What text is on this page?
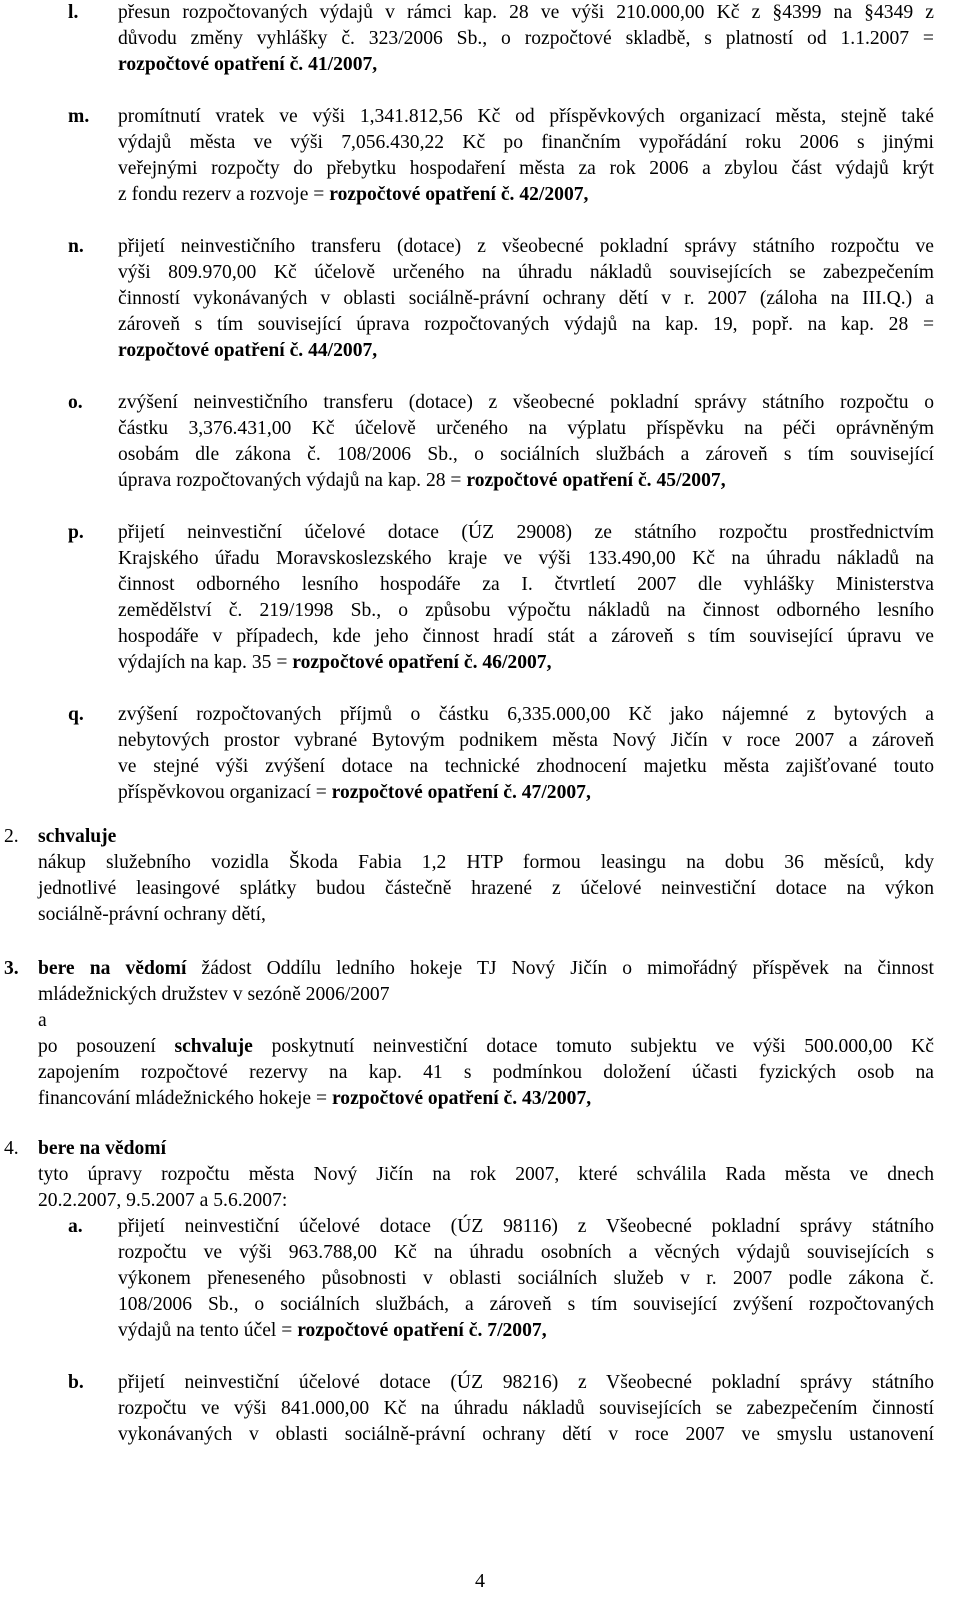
l. přesun rozpočtovaných výdajů v rámci kap. 28 ve výši 210.000,00 Kč z §4399 na §4349 z

důvodu změny vyhlášky č. 323/2006 Sb., o rozpočtové skladbě, s platností od 1.1.2007 =

rozpočtové opatření č. 41/2007,

m. promítnutí vratek ve výši 1,341.812,56 Kč od příspěvkových organizací města, stejně také

výdajů města ve výši 7,056.430,22 Kč po finančním vypořádání roku 2006 s jinými

veřejnými rozpočty do přebytku hospodaření města za rok 2006 a zbylou část výdajů krýt

z fondu rezerv a rozvoje = rozpočtové opatření č. 42/2007,

n. přijetí neinvestičního transferu (dotace) z všeobecné pokladní správy státního rozpočtu ve

výši 809.970,00 Kč účelově určeného na úhradu nákladů souvisejících se zabezpečením

činností vykonávaných v oblasti sociálně-právní ochrany dětí v r. 2007 (záloha na III.Q.) a

zároveň s tím související úprava rozpočtovaných výdajů na kap. 19, popř. na kap. 28 =

rozpočtové opatření č. 44/2007,

o. zvýšení neinvestičního transferu (dotace) z všeobecné pokladní správy státního rozpočtu o

částku 3,376.431,00 Kč účelově určeného na výplatu příspěvku na péči oprávněným

osobám dle zákona č. 108/2006 Sb., o sociálních službách a zároveň s tím související

úprava rozpočtovaných výdajů na kap. 28 = rozpočtové opatření č. 45/2007,

p. přijetí neinvestiční účelové dotace (ÚZ 29008) ze státního rozpočtu prostřednictvím

Krajského úřadu Moravskoslezského kraje ve výši 133.490,00 Kč na úhradu nákladů na

činnost odborného lesního hospodáře za I. čtvrtletí 2007 dle vyhlášky Ministerstva

zemědělství č. 219/1998 Sb., o způsobu výpočtu nákladů na činnost odborného lesního

hospodáře v případech, kde jeho činnost hradí stát a zároveň s tím související úpravu ve

výdajích na kap. 35 = rozpočtové opatření č. 46/2007,

q. zvýšení rozpočtovaných příjmů o částku 6,335.000,00 Kč jako nájemné z bytových a

nebytových prostor vybrané Bytovým podnikem města Nový Jičín v roce 2007 a zároveň

ve stejné výši zvýšení dotace na technické zhodnocení majetku města zajišťované touto

příspěvkovou organizací = rozpočtové opatření č. 47/2007,

2. schvaluje

nákup služebního vozidla Škoda Fabia 1,2 HTP formou leasingu na dobu 36 měsíců, kdy

jednotlivé leasingové splátky budou částečně hrazené z účelové neinvestiční dotace na výkon

sociálně-právní ochrany dětí,

3. bere na vědomí žádost Oddílu ledního hokeje TJ Nový Jičín o mimořádný příspěvek na činnost

mládežnických družstev v sezóně 2006/2007

a

po posouzení schvaluje poskytnutí neinvestiční dotace tomuto subjektu ve výši 500.000,00 Kč

zapojením rozpočtové rezervy na kap. 41 s podmínkou doložení účasti fyzických osob na

financování mládežnického hokeje = rozpočtové opatření č. 43/2007,

4. bere na vědomí

tyto úpravy rozpočtu města Nový Jičín na rok 2007, které schválila Rada města ve dnech

20.2.2007, 9.5.2007 a 5.6.2007:

a. přijetí neinvestiční účelové dotace (ÚZ 98116) z Všeobecné pokladní správy státního

rozpočtu ve výši 963.788,00 Kč na úhradu osobních a věcných výdajů souvisejících s

výkonem přeneseného působnosti v oblasti sociálních služeb v r. 2007 podle zákona č.

108/2006 Sb., o sociálních službách, a zároveň s tím související zvýšení rozpočtovaných

výdajů na tento účel = rozpočtové opatření č. 7/2007,

b. přijetí neinvestiční účelové dotace (ÚZ 98216) z Všeobecné pokladní správy státního

rozpočtu ve výši 841.000,00 Kč na úhradu nákladů souvisejících se zabezpečením činností

vykonávaných v oblasti sociálně-právní ochrany dětí v roce 2007 ve smyslu ustanovení

4
